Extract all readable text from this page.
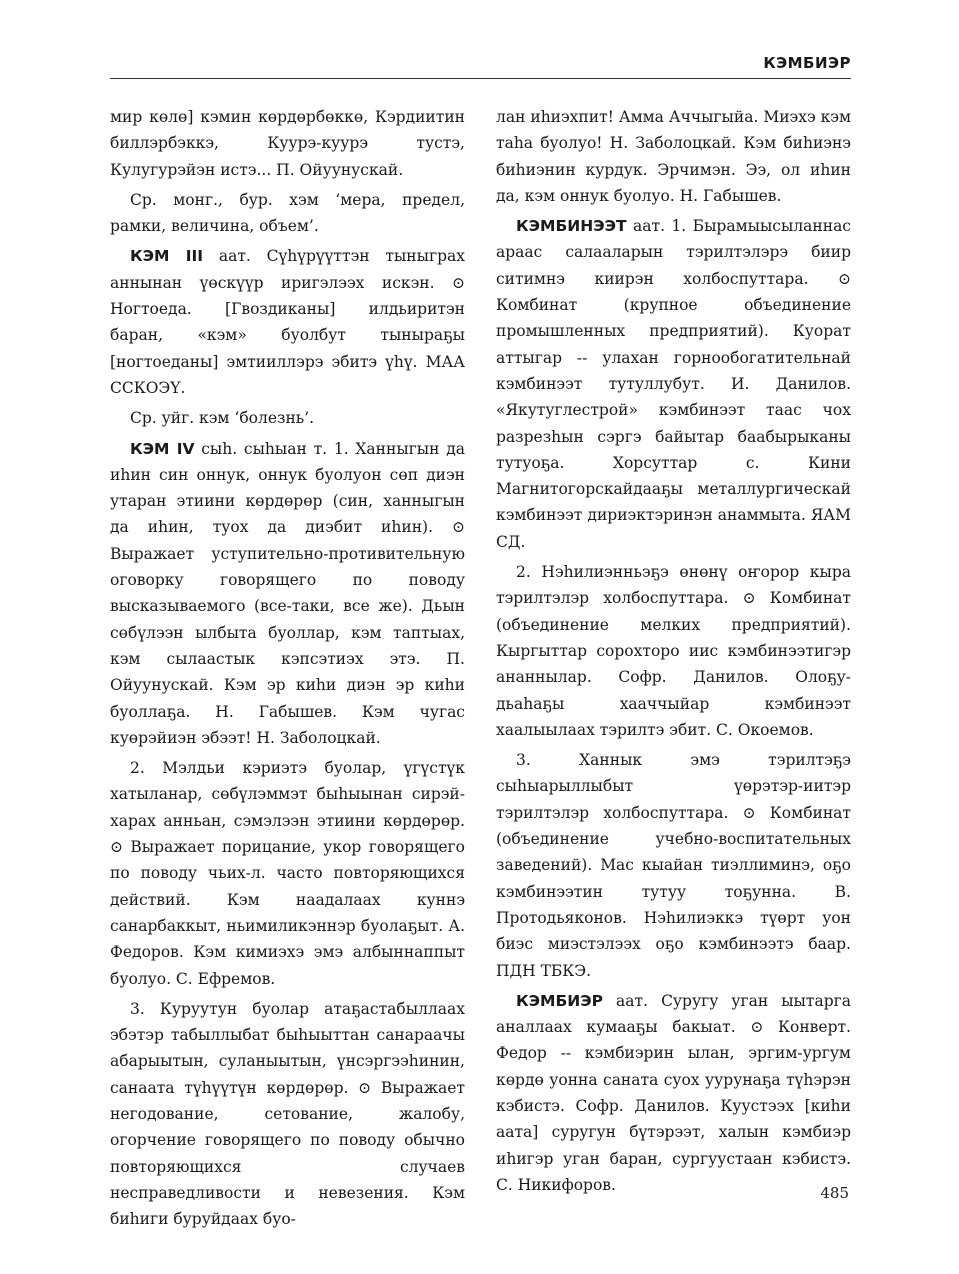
КЭМБИЭР

мир көлө] кэмин көрдөрбөккө, Кэрдиитин биллэрбэккэ, Куурэ-куурэ тустэ, Кулугурэйэн истэ... П. Ойуунускай.

Ср. монг., бур. хэм ‘мера, предел, рамки, величина, объем’.

КЭМ III аат. Сүһүрүүттэн тыныграх аннынан үөскүүр иригэлээх искэн. ⊙ Ногтоеда. [Гвоздиканы] илдьиритэн баран, «кэм» буолбут тыныраҕы [ногтоеданы] эмтииллэрэ эбитэ үһү. МАА ССКОЭҮ.

Ср. уйг. кэм ‘болезнь’.

КЭМ IV сыһ. сыһыан т. 1. Ханныгын да иһин син оннук, оннук буолуон сөп диэн утаран этиини көрдөрөр (син, ханныгын да иһин, туох да диэбит иһин). ⊙ Выражает уступительно-противительную оговорку говорящего по поводу высказываемого (все-таки, все же). Дьын сөбүлээн ылбыта буоллар, кэм таптыах, кэм сылаастык кэпсэтиэх этэ. П. Ойуунускай. Кэм эр киһи диэн эр киһи буоллаҕа. Н. Габышев. Кэм чугас куөрэйиэн эбээт! Н. Заболоцкай.

2. Мэлдьи кэриэтэ буолар, үгүстүк хатыланар, сөбүлэммэт быһыынан сирэй-харах анньан, сэмэлээн этиини көрдөрөр. ⊙ Выражает порицание, укор говорящего по поводу чьих-л. часто повторяющихся действий. Кэм наадалаах куннэ санарбаккыт, ньимиликэннэр буолаҕыт. А. Федоров. Кэм кимиэхэ эмэ албыннаппыт буолуо. С. Ефремов.

3. Куруутун буолар атаҕастабыллаах эбэтэр табыллыбат быһыыттан санараачы абарыытын, суланыытын, үнсэргээһинин, санаата түһүүтүн көрдөрөр. ⊙ Выражает негодование, сетование, жалобу, огорчение говорящего по поводу обычно повторяющихся случаев несправедливости и невезения. Кэм биһиги буруйдаах буо-

лан иһиэхпит! Амма Аччыгыйа. Миэхэ кэм таһа буолуо! Н. Заболоцкай. Кэм биһиэнэ биһиэнин курдук. Эрчимэн. Ээ, ол иһин да, кэм оннук буолуо. Н. Габышев.

КЭМБИНЭЭТ аат. 1. Бырамыысыланнас араас салааларын тэрилтэлэрэ биир ситимнэ киирэн холбоспуттара. ⊙ Комбинат (крупное объединение промышленных предприятий). Куорат аттыгар -- улахан горнообогатительнай кэмбинээт тутуллубут. И. Данилов. «Якутуглестрой» кэмбинээт таас чох разрезһын сэргэ байытар баабырыканы тутуоҕа. Хорсуттар с. Кини Магнитогорскайдааҕы металлургическай кэмбинээт дириэктэринэн анаммыта. ЯАМ СД.

2. Нэһилиэнньэҕэ өнөнү оҥорор кыра тэрилтэлэр холбоспуттара. ⊙ Комбинат (объединение мелких предприятий). Кыргыттар сорохторо иис кэмбинээтигэр ананнылар. Софр. Данилов. Олоҕу-дьаһаҕы хааччыйар кэмбинээт хаалыылаах тэрилтэ эбит. С. Окоемов.

3. Ханнык эмэ тэрилтэҕэ сыһыарыллыбыт үөрэтэр-иитэр тэрилтэлэр холбоспуттара. ⊙ Комбинат (объединение учебно-воспитательных заведений). Мас кыайан тиэллиминэ, оҕо кэмбинээтин тутуу тоҕунна. В. Протодьяконов. Нэһилиэккэ түөрт уон биэс миэстэлээх оҕо кэмбинээтэ баар. ПДН ТБКЭ.

КЭМБИЭР аат. Суругу уган ыытарга аналлаах кумааҕы бакыат. ⊙ Конверт. Федор -- кэмбиэрин ылан, эргим-ургум көрдө уонна саната суох уурунаҕа түһэрэн кэбистэ. Софр. Данилов. Кууcтээх [киһи аата] суругун бүтэрээт, халын кэмбиэр иһигэр уган баран, сургуустаан кэбистэ. С. Никифоров.	485
